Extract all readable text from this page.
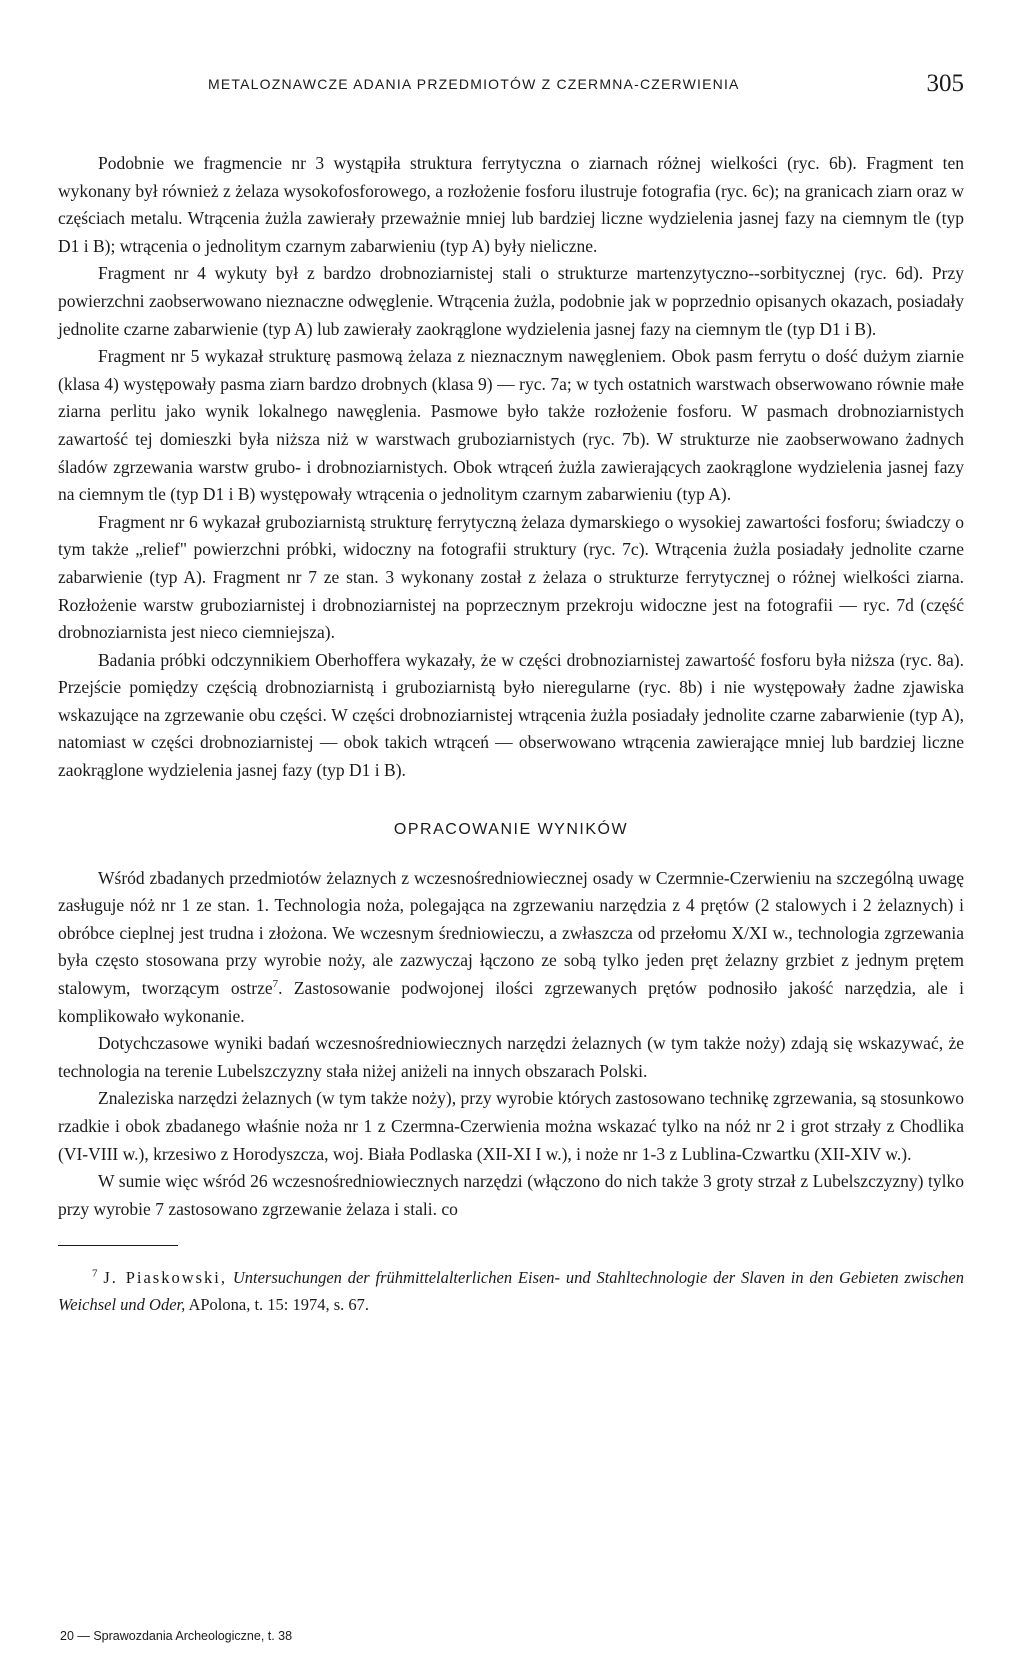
METALOZNAWCZE ADANIA PRZEDMIOTÓW Z CZERMNA-CZERWIENIA	305

Podobnie we fragmencie nr 3 wystąpiła struktura ferrytyczna o ziarnach różnej wielkości (ryc. 6b). Fragment ten wykonany był również z żelaza wysokofosforowego, a rozłożenie fosforu ilustruje fotografia (ryc. 6c); na granicach ziarn oraz w częściach metalu. Wtrącenia żużla zawierały przeważnie mniej lub bardziej liczne wydzielenia jasnej fazy na ciemnym tle (typ D1 i B); wtrącenia o jednolitym czarnym zabarwieniu (typ A) były nieliczne.

Fragment nr 4 wykuty był z bardzo drobnoziarnistej stali o strukturze martenzytyczno--sorbitycznej (ryc. 6d). Przy powierzchni zaobserwowano nieznaczne odwęglenie. Wtrącenia żużla, podobnie jak w poprzednio opisanych okazach, posiadały jednolite czarne zabarwienie (typ A) lub zawierały zaokrąglone wydzielenia jasnej fazy na ciemnym tle (typ D1 i B).

Fragment nr 5 wykazał strukturę pasmową żelaza z nieznacznym nawęgleniem. Obok pasm ferrytu o dość dużym ziarnie (klasa 4) występowały pasma ziarn bardzo drobnych (klasa 9) — ryc. 7a; w tych ostatnich warstwach obserwowano równie małe ziarna perlitu jako wynik lokalnego nawęglenia. Pasmowe było także rozłożenie fosforu. W pasmach drobnoziarnistych zawartość tej domieszki była niższa niż w warstwach gruboziarnistych (ryc. 7b). W strukturze nie zaobserwowano żadnych śladów zgrzewania warstw grubo- i drobnoziarnistych. Obok wtrąceń żużla zawierających zaokrąglone wydzielenia jasnej fazy na ciemnym tle (typ D1 i B) występowały wtrącenia o jednolitym czarnym zabarwieniu (typ A).

Fragment nr 6 wykazał gruboziarnistą strukturę ferrytyczną żelaza dymarskiego o wysokiej zawartości fosforu; świadczy o tym także „relief" powierzchni próbki, widoczny na fotografii struktury (ryc. 7c). Wtrącenia żużla posiadały jednolite czarne zabarwienie (typ A). Fragment nr 7 ze stan. 3 wykonany został z żelaza o strukturze ferrytycznej o różnej wielkości ziarna. Rozłożenie warstw gruboziarnistej i drobnoziarnistej na poprzecznym przekroju widoczne jest na fotografii — ryc. 7d (część drobnoziarnista jest nieco ciemniejsza).

Badania próbki odczynnikiem Oberhoffera wykazały, że w części drobnoziarnistej zawartość fosforu była niższa (ryc. 8a). Przejście pomiędzy częścią drobnoziarnistą i gruboziarnistą było nieregularne (ryc. 8b) i nie występowały żadne zjawiska wskazujące na zgrzewanie obu części. W części drobnoziarnistej wtrącenia żużla posiadały jednolite czarne zabarwienie (typ A), natomiast w części drobnoziarnistej — obok takich wtrąceń — obserwowano wtrącenia zawierające mniej lub bardziej liczne zaokrąglone wydzielenia jasnej fazy (typ D1 i B).

OPRACOWANIE WYNIKÓW

Wśród zbadanych przedmiotów żelaznych z wczesnośredniowiecznej osady w Czermnie-Czerwieniu na szczególną uwagę zasługuje nóż nr 1 ze stan. 1. Technologia noża, polegająca na zgrzewaniu narzędzia z 4 prętów (2 stalowych i 2 żelaznych) i obróbce cieplnej jest trudna i złożona. We wczesnym średniowieczu, a zwłaszcza od przełomu X/XI w., technologia zgrzewania była często stosowana przy wyrobie noży, ale zazwyczaj łączono ze sobą tylko jeden pręt żelazny grzbiet z jednym prętem stalowym, tworzącym ostrze$^7$. Zastosowanie podwojonej ilości zgrzewanych prętów podnosiło jakość narzędzia, ale i komplikowało wykonanie.

Dotychczasowe wyniki badań wczesnośredniowiecznych narzędzi żelaznych (w tym także noży) zdają się wskazywać, że technologia na terenie Lubelszczyzny stała niżej aniżeli na innych obszarach Polski.

Znaleziska narzędzi żelaznych (w tym także noży), przy wyrobie których zastosowano technikę zgrzewania, są stosunkowo rzadkie i obok zbadanego właśnie noża nr 1 z Czermna-Czerwienia można wskazać tylko na nóż nr 2 i grot strzały z Chodlika (VI-VIII w.), krzesiwo z Horodyszcza, woj. Biała Podlaska (XII-XI I w.), i noże nr 1-3 z Lublina-Czwartku (XII-XIV w.).

W sumie więc wśród 26 wczesnośredniowiecznych narzędzi (włączono do nich także 3 groty strzał z Lubelszczyzny) tylko przy wyrobie 7 zastosowano zgrzewanie żelaza i stali. co

$^7$ J. Piaskowski, Untersuchungen der frühmittelalterlichen Eisen- und Stahltechnologie der Slaven in den Gebieten zwischen Weichsel und Oder, APolona, t. 15: 1974, s. 67.

20 — Sprawozdania Archeologiczne, t. 38
